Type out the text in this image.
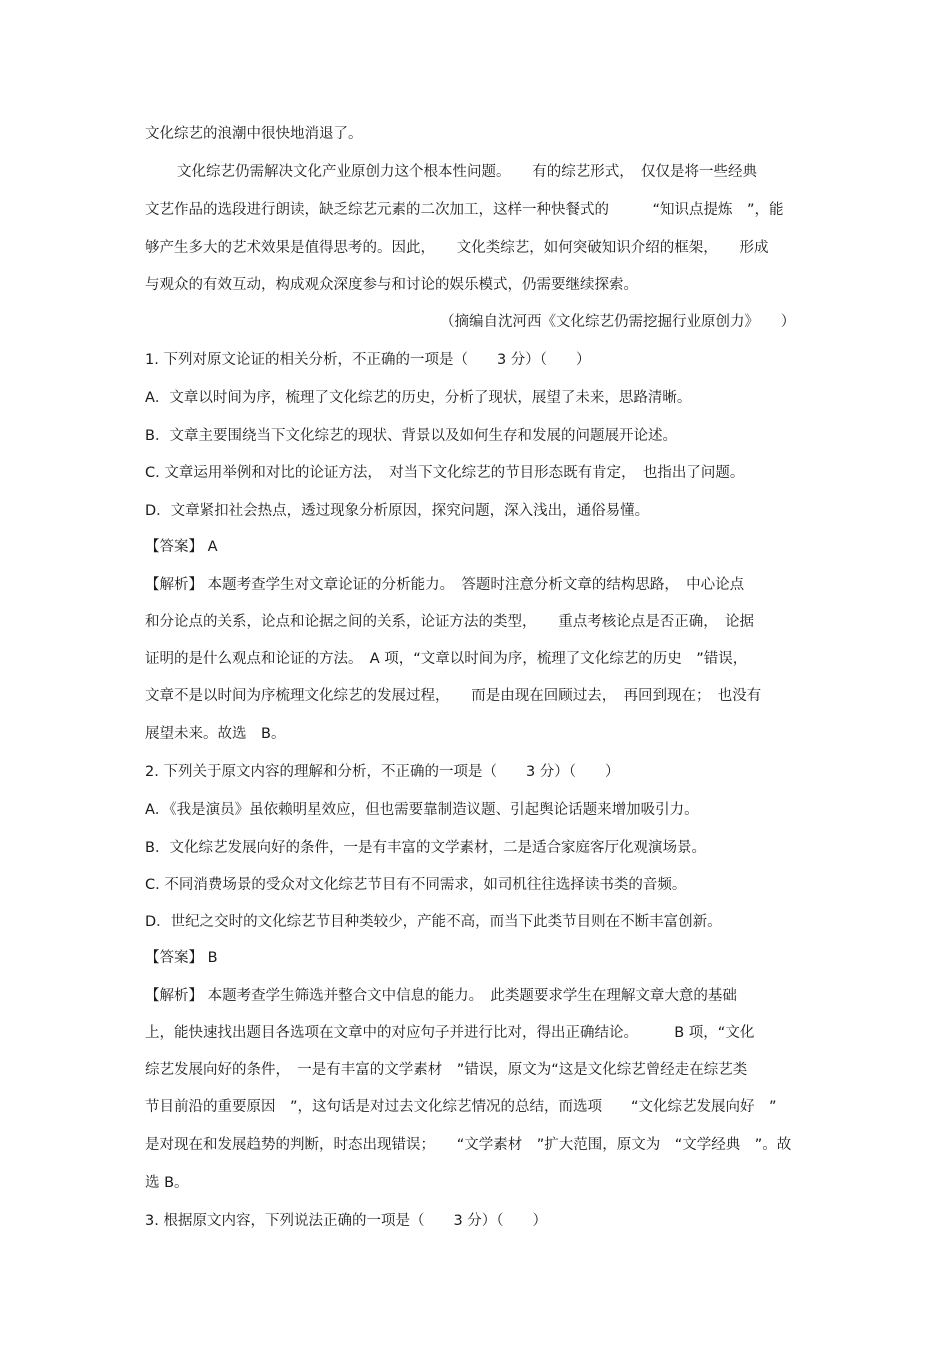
文化综艺的浪潮中很快地消退了。
文化综艺仍需解决文化产业原创力这个根本性问题。　　有的综艺形式，　仅仅是将一些经典
文艺作品的选段进行朗读，缺乏综艺元素的二次加工，这样一种快餐式的　　　“知识点提炼　”，能
够产生多大的艺术效果是值得思考的。因此，　　文化类综艺，如何突破知识介绍的框架，　　形成
与观众的有效互动，构成观众深度参与和讨论的娱乐模式，仍需要继续探索。
（摘编自沈河西《文化综艺仍需挖掘行业原创力》　　）
1. 下列对原文论证的相关分析，不正确的一项是（　　3 分）（　　）
A．文章以时间为序，梳理了文化综艺的历史，分析了现状，展望了未来，思路清晰。
B．文章主要围绕当下文化综艺的现状、背景以及如何生存和发展的问题展开论述。
C. 文章运用举例和对比的论证方法，　对当下文化综艺的节目形态既有肯定，　也指出了问题。
D．文章紧扣社会热点，透过现象分析原因，探究问题，深入浅出，通俗易懂。
【答案】 A
【解析】 本题考查学生对文章论证的分析能力。　答题时注意分析文章的结构思路，　中心论点
和分论点的关系，论点和论据之间的关系，论证方法的类型，　　重点考核论点是否正确，　论据
证明的是什么观点和论证的方法。　A 项，“文章以时间为序，梳理了文化综艺的历史　”错误，
文章不是以时间为序梳理文化综艺的发展过程，　　而是由现在回顾过去，　再回到现在；　也没有
展望未来。故选　B。
2. 下列关于原文内容的理解和分析，不正确的一项是（　　3 分）（　　）
A．《我是演员》虽依赖明星效应，但也需要靠制造议题、引起舆论话题来增加吸引力。
B．文化综艺发展向好的条件，一是有丰富的文学素材，二是适合家庭客厅化观演场景。
C. 不同消费场景的受众对文化综艺节目有不同需求，如司机往往选择读书类的音频。
D．世纪之交时的文化综艺节目种类较少，产能不高，而当下此类节目则在不断丰富创新。
【答案】 B
【解析】 本题考查学生筛选并整合文中信息的能力。　此类题要求学生在理解文章大意的基础
上，能快速找出题目各选项在文章中的对应句子并进行比对，得出正确结论。　　　B 项，“文化
综艺发展向好的条件，　一是有丰富的文学素材　”错误，原文为“这是文化综艺曾经走在综艺类
节目前沿的重要原因　”，这句话是对过去文化综艺情况的总结，而选项　　“文化综艺发展向好　”
是对现在和发展趋势的判断，时态出现错误；　　“文学素材　”扩大范围，原文为　“文学经典　”。故
选 B。
3. 根据原文内容，下列说法正确的一项是（　　3 分）（　　）
